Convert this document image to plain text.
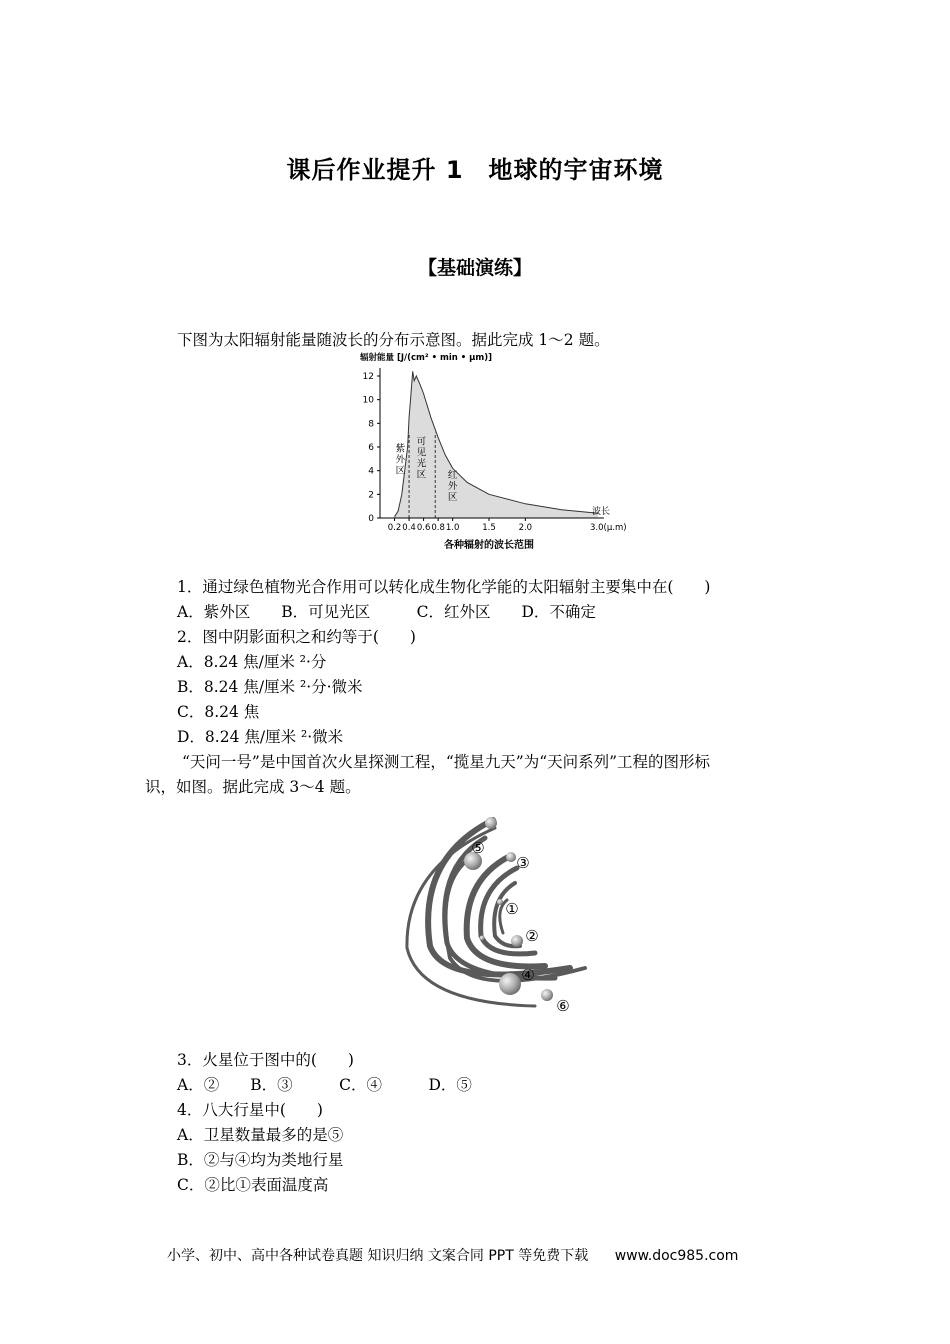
课后作业提升 1　地球的宇宙环境
【基础演练】
下图为太阳辐射能量随波长的分布示意图。据此完成 1～2 题。
0
2
4
6
8
10
12
0.2 0.4 0.6 0.8 1.0	1.5	2.0	3.0(μ.m)
波长
辐射能量 [J/(cm² • min • μm)]
各种辐射的波长范围
紫
外
区
可
见
光
区 红
外
区
1．通过绿色植物光合作用可以转化成生物化学能的太阳辐射主要集中在(　　)
A．紫外区　　B．可见光区　　　C．红外区　　D．不确定
2．图中阴影面积之和约等于(　　)
A．8.24 焦/厘米 ²·分
B．8.24 焦/厘米 ²·分·微米
C．8.24 焦
D．8.24 焦/厘米 ²·微米
“天问一号”是中国首次火星探测工程，“揽星九天”为“天问系列”工程的图形标
识，如图。据此完成 3～4 题。
⑤
③
①
②
④
⑥
3．火星位于图中的(　　)
A．②　　B．③　　　C．④　　　D．⑤
4．八大行星中(　　)
A．卫星数量最多的是⑤
B．②与④均为类地行星
C．②比①表面温度高
小学、初中、高中各种试卷真题 知识归纳 文案合同 PPT 等免费下载 www.doc985.com
